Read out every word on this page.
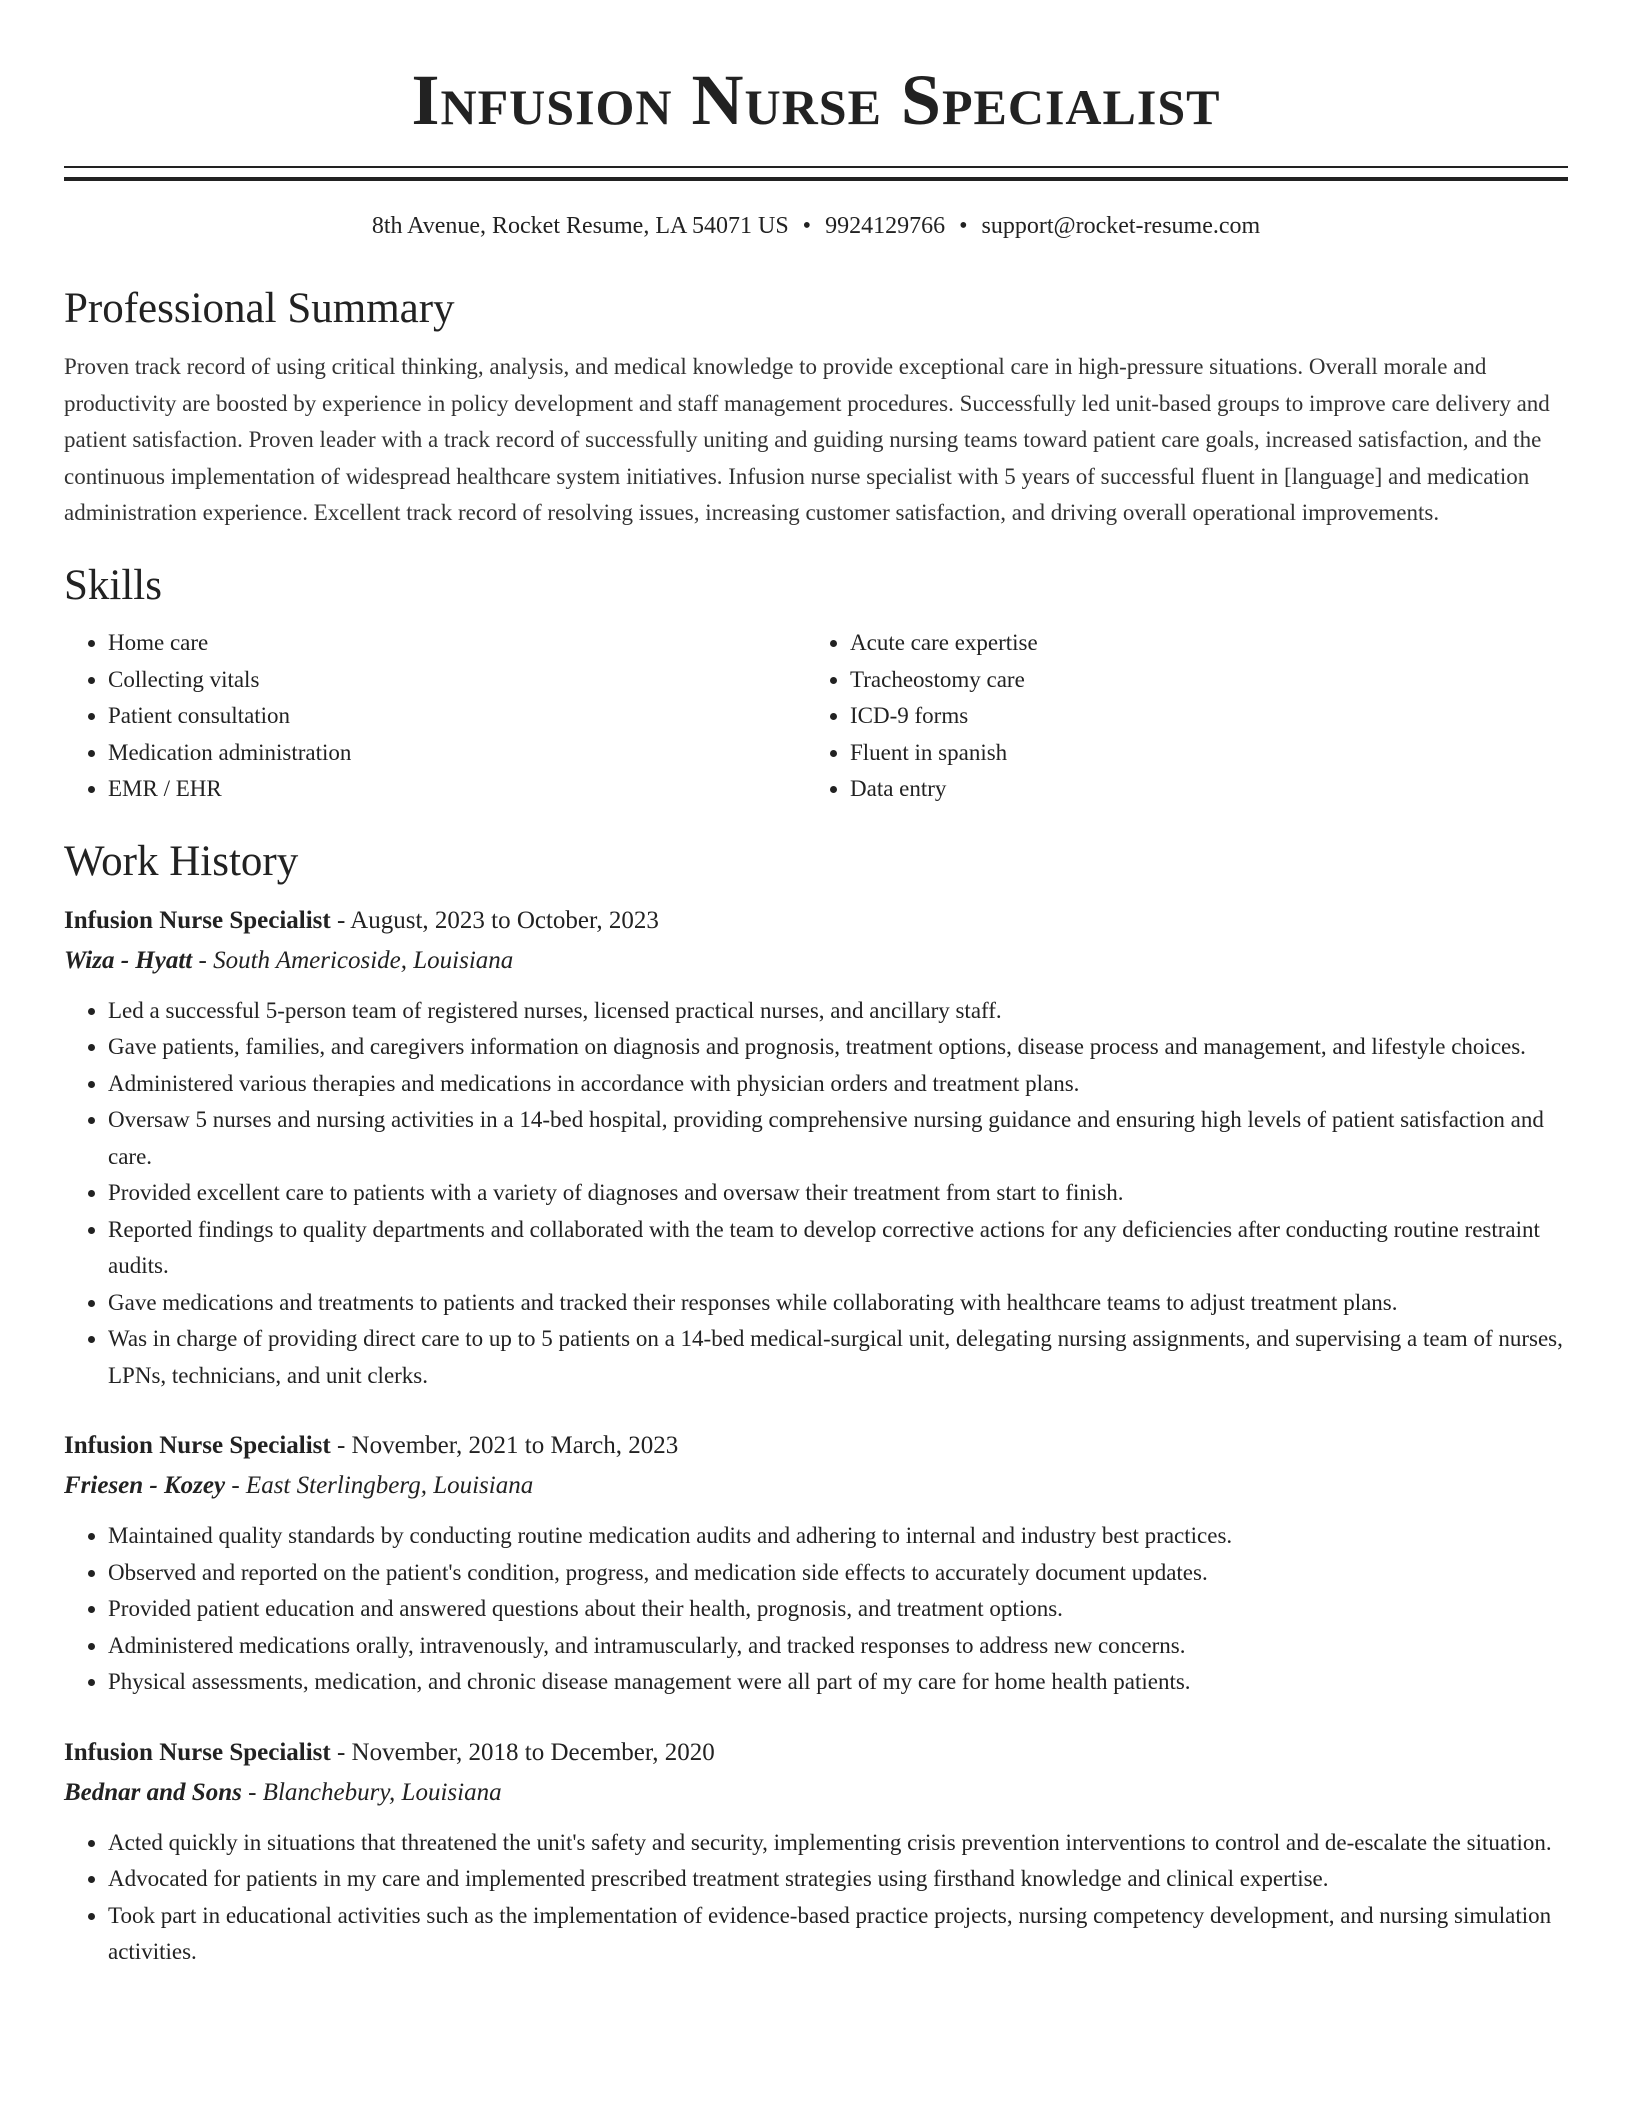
Infusion Nurse Specialist
8th Avenue, Rocket Resume, LA 54071 US • 9924129766 • support@rocket-resume.com
Professional Summary

Proven track record of using critical thinking, analysis, and medical knowledge to provide exceptional care in high-pressure situations. Overall morale and productivity are boosted by experience in policy development and staff management procedures. Successfully led unit-based groups to improve care delivery and patient satisfaction. Proven leader with a track record of successfully uniting and guiding nursing teams toward patient care goals, increased satisfaction, and the continuous implementation of widespread healthcare system initiatives. Infusion nurse specialist with 5 years of successful fluent in [language] and medication administration experience. Excellent track record of resolving issues, increasing customer satisfaction, and driving overall operational improvements.

Skills
• Home care
• Collecting vitals
• Patient consultation
• Medication administration
• EMR / EHR
• Acute care expertise
• Tracheostomy care
• ICD-9 forms
• Fluent in spanish
• Data entry
Work History
Infusion Nurse Specialist - August, 2023 to October, 2023
Wiza - Hyatt - South Americoside, Louisiana
• Led a successful 5-person team of registered nurses, licensed practical nurses, and ancillary staff.
• Gave patients, families, and caregivers information on diagnosis and prognosis, treatment options, disease process and management, and lifestyle choices.
• Administered various therapies and medications in accordance with physician orders and treatment plans.
• Oversaw 5 nurses and nursing activities in a 14-bed hospital, providing comprehensive nursing guidance and ensuring high levels of patient satisfaction and care.
• Provided excellent care to patients with a variety of diagnoses and oversaw their treatment from start to finish.
• Reported findings to quality departments and collaborated with the team to develop corrective actions for any deficiencies after conducting routine restraint audits.
• Gave medications and treatments to patients and tracked their responses while collaborating with healthcare teams to adjust treatment plans.
• Was in charge of providing direct care to up to 5 patients on a 14-bed medical-surgical unit, delegating nursing assignments, and supervising a team of nurses, LPNs, technicians, and unit clerks.
Infusion Nurse Specialist - November, 2021 to March, 2023
Friesen - Kozey - East Sterlingberg, Louisiana
• Maintained quality standards by conducting routine medication audits and adhering to internal and industry best practices.
• Observed and reported on the patient's condition, progress, and medication side effects to accurately document updates.
• Provided patient education and answered questions about their health, prognosis, and treatment options.
• Administered medications orally, intravenously, and intramuscularly, and tracked responses to address new concerns.
• Physical assessments, medication, and chronic disease management were all part of my care for home health patients.
Infusion Nurse Specialist - November, 2018 to December, 2020
Bednar and Sons - Blanchebury, Louisiana
• Acted quickly in situations that threatened the unit's safety and security, implementing crisis prevention interventions to control and de-escalate the situation.
• Advocated for patients in my care and implemented prescribed treatment strategies using firsthand knowledge and clinical expertise.
• Took part in educational activities such as the implementation of evidence-based practice projects, nursing competency development, and nursing simulation activities.
